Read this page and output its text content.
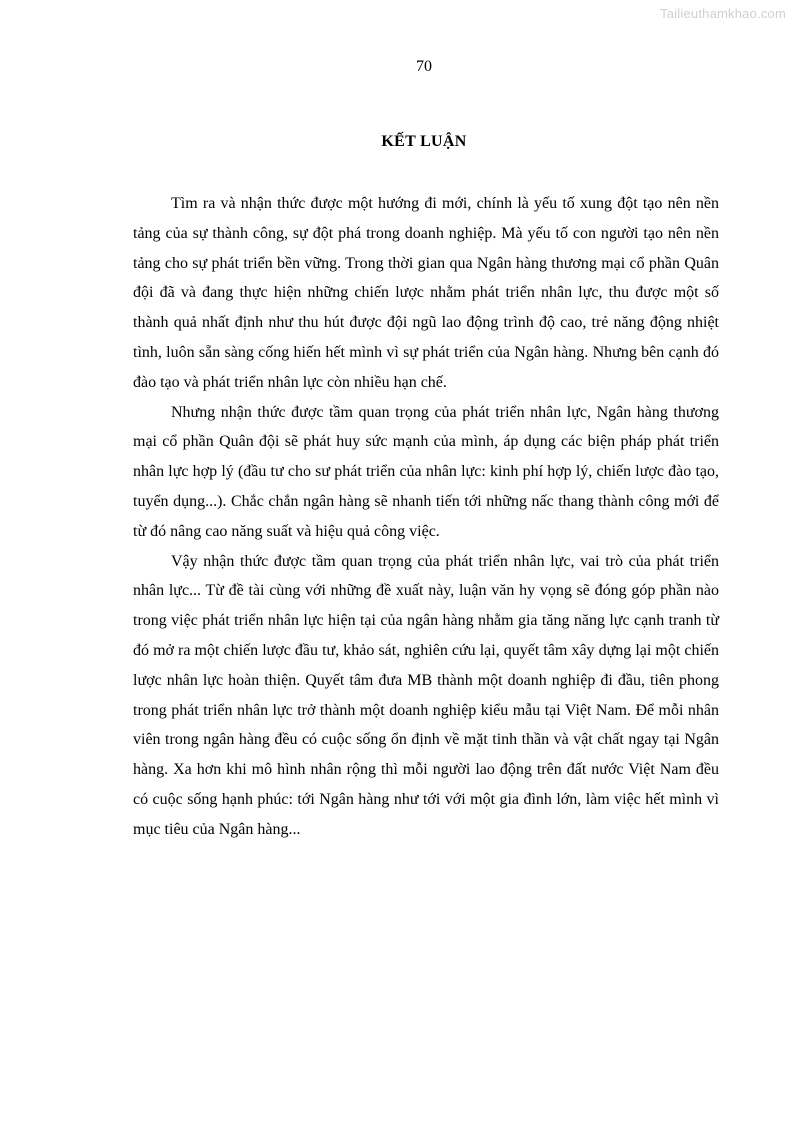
Tailieuthamkhao.com
70
KẾT LUẬN

Tìm ra và nhận thức được một hướng đi mới, chính là yếu tố xung đột tạo nên nền tảng của sự thành công, sự đột phá trong doanh nghiệp. Mà yếu tố con người tạo nên nền tảng cho sự phát triển bền vững. Trong thời gian qua Ngân hàng thương mại cổ phần Quân đội đã và đang thực hiện những chiến lược nhằm phát triển nhân lực, thu được một số thành quả nhất định như thu hút được đội ngũ lao động trình độ cao, trẻ năng động nhiệt tình, luôn sẵn sàng cống hiến hết mình vì sự phát triển của Ngân hàng. Nhưng bên cạnh đó đào tạo và phát triển nhân lực còn nhiều hạn chế.

Nhưng nhận thức được tầm quan trọng của phát triển nhân lực, Ngân hàng thương mại cổ phần Quân đội sẽ phát huy sức mạnh của mình, áp dụng các biện pháp phát triển nhân lực hợp lý (đầu tư cho sư phát triển của nhân lực: kinh phí hợp lý, chiến lược đào tạo, tuyển dụng...). Chắc chắn ngân hàng sẽ nhanh tiến tới những nấc thang thành công mới để từ đó nâng cao năng suất và hiệu quả công việc.

Vậy nhận thức được tầm quan trọng của phát triển nhân lực, vai trò của phát triển nhân lực... Từ đề tài cùng với những đề xuất này, luận văn hy vọng sẽ đóng góp phần nào trong việc phát triển nhân lực hiện tại của ngân hàng nhằm gia tăng năng lực cạnh tranh từ đó mở ra một chiến lược đầu tư, khảo sát, nghiên cứu lại, quyết tâm xây dựng lại một chiến lược nhân lực hoàn thiện. Quyết tâm đưa MB thành một doanh nghiệp đi đầu, tiên phong trong phát triển nhân lực trở thành một doanh nghiệp kiểu mẫu tại Việt Nam. Để mỗi nhân viên trong ngân hàng đều có cuộc sống ổn định về mặt tinh thần và vật chất ngay tại Ngân hàng. Xa hơn khi mô hình nhân rộng thì mỗi người lao động trên đất nước Việt Nam đều có cuộc sống hạnh phúc: tới Ngân hàng như tới với một gia đình lớn, làm việc hết mình vì mục tiêu của Ngân hàng...
